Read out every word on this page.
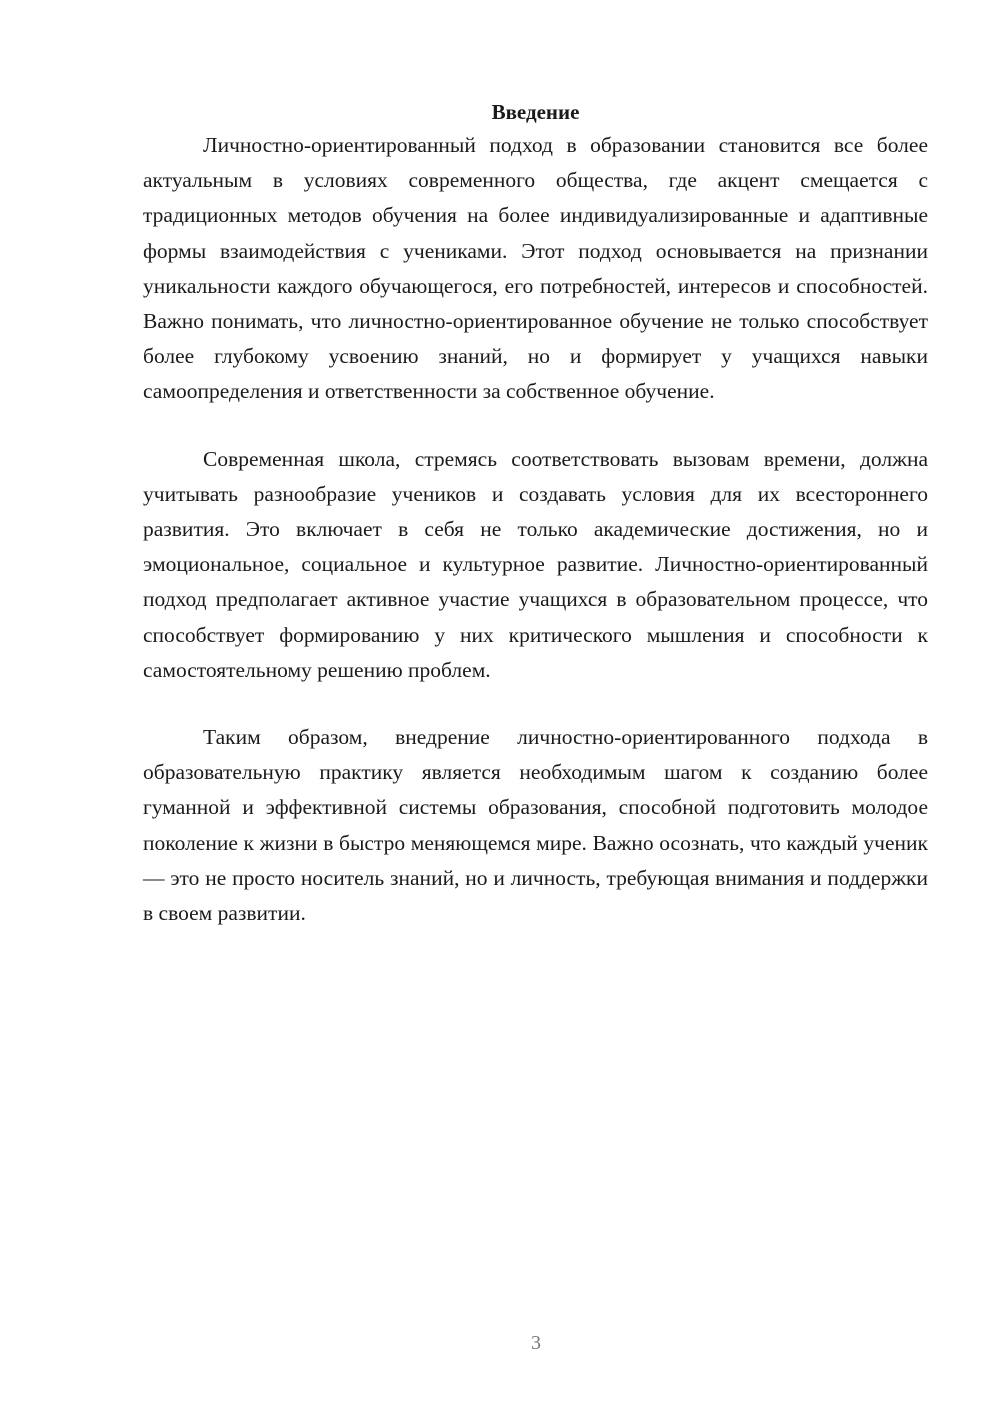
Введение

Личностно-ориентированный подход в образовании становится все более актуальным в условиях современного общества, где акцент смещается с традиционных методов обучения на более индивидуализированные и адаптивные формы взаимодействия с учениками. Этот подход основывается на признании уникальности каждого обучающегося, его потребностей, интересов и способностей. Важно понимать, что личностно-ориентированное обучение не только способствует более глубокому усвоению знаний, но и формирует у учащихся навыки самоопределения и ответственности за собственное обучение.

Современная школа, стремясь соответствовать вызовам времени, должна учитывать разнообразие учеников и создавать условия для их всестороннего развития. Это включает в себя не только академические достижения, но и эмоциональное, социальное и культурное развитие. Личностно-ориентированный подход предполагает активное участие учащихся в образовательном процессе, что способствует формированию у них критического мышления и способности к самостоятельному решению проблем.

Таким образом, внедрение личностно-ориентированного подхода в образовательную практику является необходимым шагом к созданию более гуманной и эффективной системы образования, способной подготовить молодое поколение к жизни в быстро меняющемся мире. Важно осознать, что каждый ученик — это не просто носитель знаний, но и личность, требующая внимания и поддержки в своем развитии.

3
